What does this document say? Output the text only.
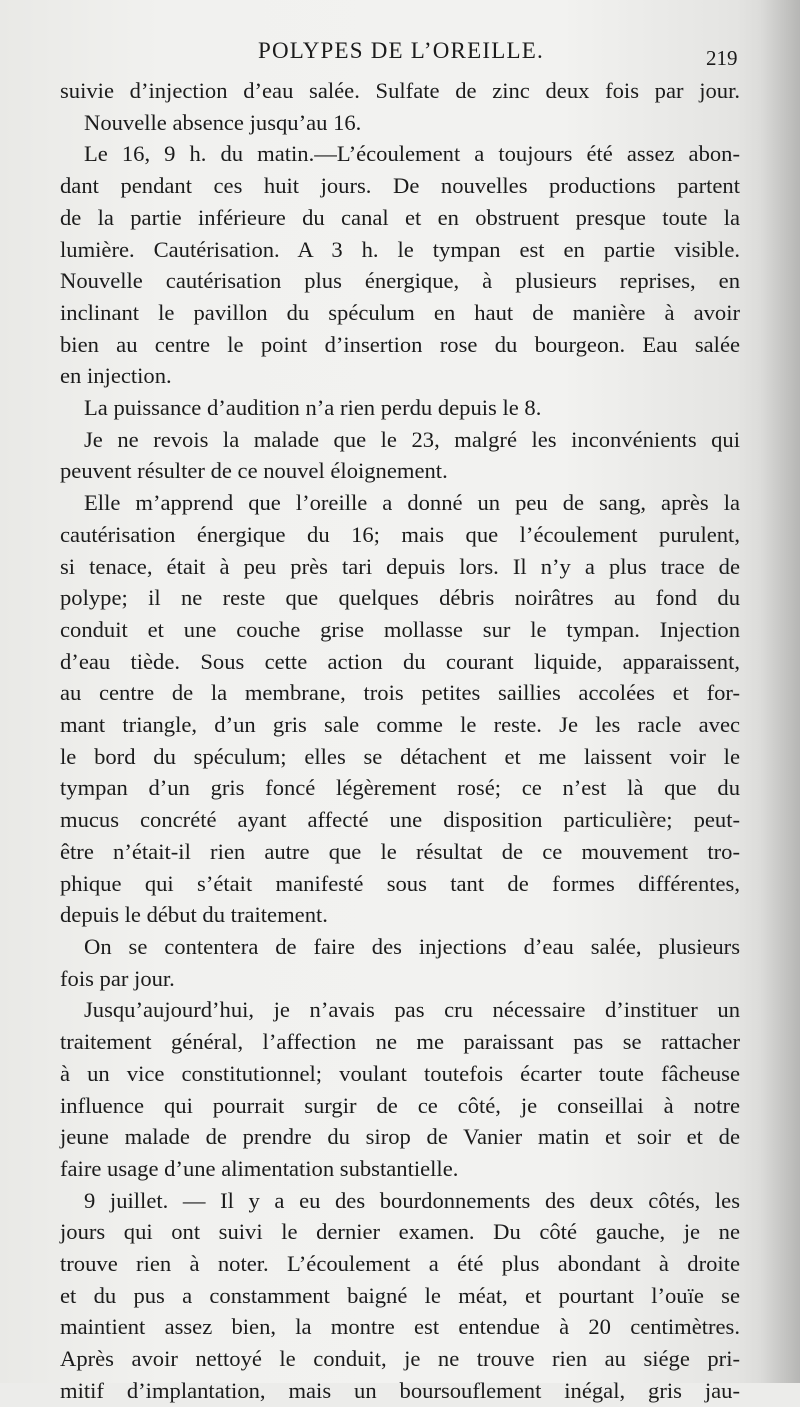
POLYPES DE L’OREILLE.	219

suivie d’injection d’eau salée. Sulfate de zinc deux fois par jour.
Nouvelle absence jusqu’au 16.

Le 16, 9 h. du matin.—L’écoulement a toujours été assez abon-
dant pendant ces huit jours. De nouvelles productions partent
de la partie inférieure du canal et en obstruent presque toute la
lumière. Cautérisation. A 3 h. le tympan est en partie visible.
Nouvelle cautérisation plus énergique, à plusieurs reprises, en
inclinant le pavillon du spéculum en haut de manière à avoir
bien au centre le point d’insertion rose du bourgeon. Eau salée
en injection.

La puissance d’audition n’a rien perdu depuis le 8.

Je ne revois la malade que le 23, malgré les inconvénients qui
peuvent résulter de ce nouvel éloignement.

Elle m’apprend que l’oreille a donné un peu de sang, après la
cautérisation énergique du 16; mais que l’écoulement purulent,
si tenace, était à peu près tari depuis lors. Il n’y a plus trace de
polype; il ne reste que quelques débris noirâtres au fond du
conduit et une couche grise mollasse sur le tympan. Injection
d’eau tiède. Sous cette action du courant liquide, apparaissent,
au centre de la membrane, trois petites saillies accolées et for-
mant triangle, d’un gris sale comme le reste. Je les racle avec
le bord du spéculum; elles se détachent et me laissent voir le
tympan d’un gris foncé légèrement rosé; ce n’est là que du
mucus concrété ayant affecté une disposition particulière; peut-
être n’était-il rien autre que le résultat de ce mouvement tro-
phique qui s’était manifesté sous tant de formes différentes,
depuis le début du traitement.

On se contentera de faire des injections d’eau salée, plusieurs
fois par jour.

Jusqu’aujourd’hui, je n’avais pas cru nécessaire d’instituer un
traitement général, l’affection ne me paraissant pas se rattacher
à un vice constitutionnel; voulant toutefois écarter toute fâcheuse
influence qui pourrait surgir de ce côté, je conseillai à notre
jeune malade de prendre du sirop de Vanier matin et soir et de
faire usage d’une alimentation substantielle.

9 juillet. — Il y a eu des bourdonnements des deux côtés, les
jours qui ont suivi le dernier examen. Du côté gauche, je ne
trouve rien à noter. L’écoulement a été plus abondant à droite
et du pus a constamment baigné le méat, et pourtant l’ouïe se
maintient assez bien, la montre est entendue à 20 centimètres.
Après avoir nettoyé le conduit, je ne trouve rien au siége pri-
mitif d’implantation, mais un boursouflement inégal, gris jau-
